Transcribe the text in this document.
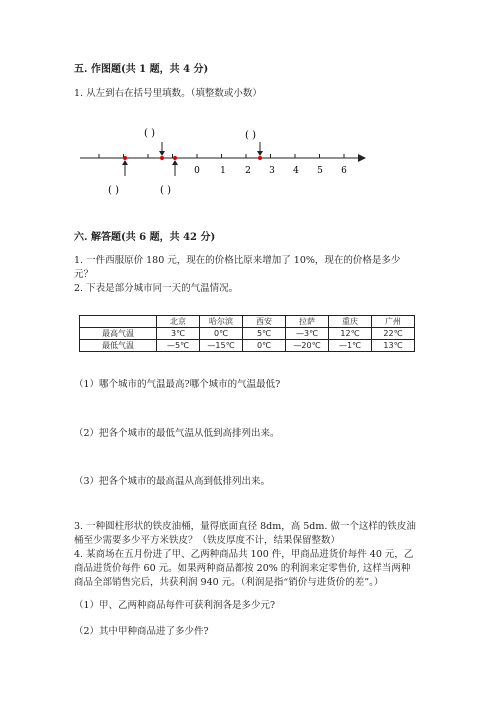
五. 作图题(共 1 题，共 4 分)
1. 从左到右在括号里填数。（填整数或小数）
( )	( )
( )	( )
0 1 2 3 4 5 6
六. 解答题(共 6 题，共 42 分)
1. 一件西服原价 180 元，现在的价格比原来增加了 10%，现在的价格是多少
元？
2. 下表是部分城市同一天的气温情况。
	北京	哈尔滨	西安	拉萨	重庆	广州
最高气温	3℃	0℃	5℃	—3℃	12℃	22℃
最低气温	—5℃	—15℃	0℃	—20℃	—1℃	13℃
（1）哪个城市的气温最高?哪个城市的气温最低?
（2）把各个城市的最低气温从低到高排列出来。
（3）把各个城市的最高温从高到低排列出来。
3. 一种圆柱形状的铁皮油桶，量得底面直径 8dm，高 5dm. 做一个这样的铁皮油
桶至少需要多少平方米铁皮？（铁皮厚度不计，结果保留整数）
4. 某商场在五月份进了甲、乙两种商品共 100 件，甲商品进货价每件 40 元，乙
商品进货价每件 60 元。如果两种商品都按 20% 的利润来定零售价, 这样当两种
商品全部销售完后，共获利润 940 元。（利润是指“销价与进货价的差”。）
（1）甲、乙两种商品每件可获利润各是多少元?
（2）其中甲种商品进了多少件?
